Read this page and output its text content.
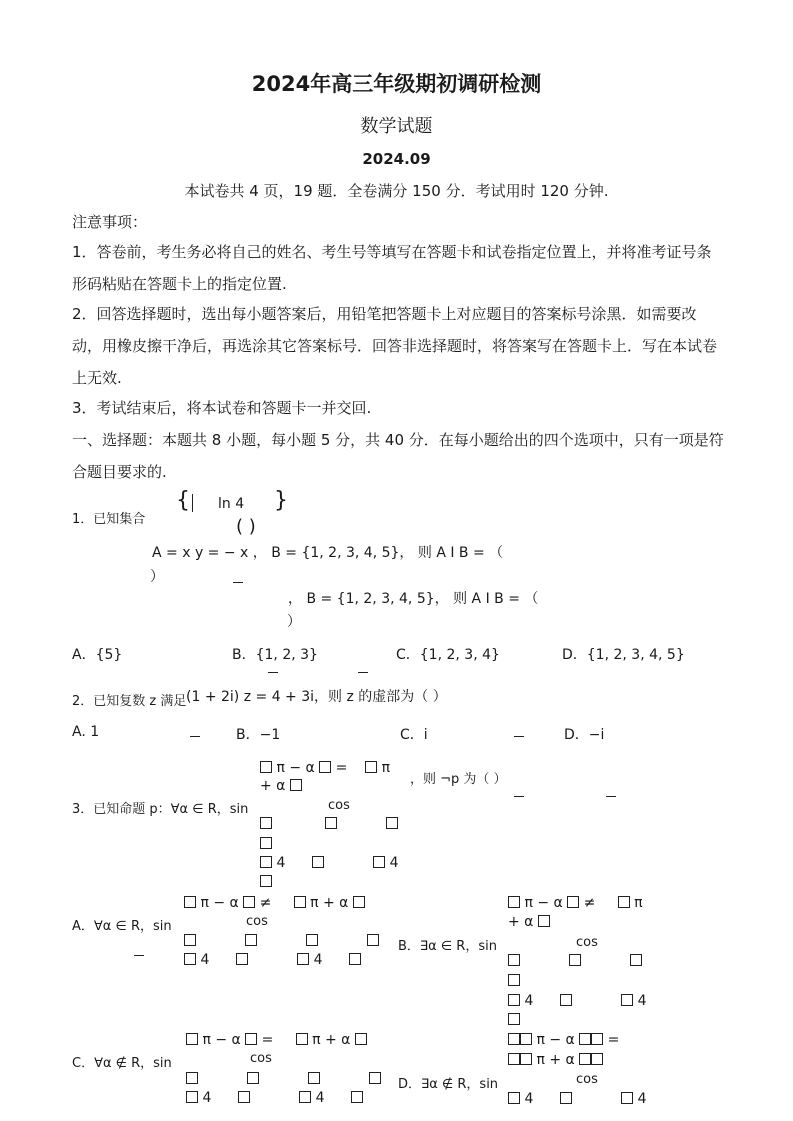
2024年高三年级期初调研检测
数学试题
2024.09
本试卷共 4 页，19 题．全卷满分 150 分．考试用时 120 分钟.
注意事项：
1．答卷前，考生务必将自己的姓名、考生号等填写在答题卡和试卷指定位置上，并将准考证号条形码粘贴在答题卡上的指定位置.
2．回答选择题时，选出每小题答案后，用铅笔把答题卡上对应题目的答案标号涂黑．如需要改动，用橡皮擦干净后，再选涂其它答案标号．回答非选择题时，将答案写在答题卡上．写在本试卷上无效.
3．考试结束后，将本试卷和答题卡一并交回.
一、选择题：本题共 8 小题，每小题 5 分，共 40 分．在每小题给出的四个选项中，只有一项是符合题目要求的.
1．已知集合
{ ln 4 }
( )
A = x y = − x ， B = {1, 2, 3, 4, 5}， 则 A I B = （
）
， B = {1, 2, 3, 4, 5}， 则 A I B = （
）
A．{5}	B．{1, 2, 3}	C．{1, 2, 3, 4}	D．{1, 2, 3, 4, 5}
2．已知复数 z 满足 (1 + 2i) z = 4 + 3i，则 z 的虚部为（ ）
A. 1	B．−1	C．i	D．−i
π − α = π
+ α	，则 ¬p 为（ ）
3．已知命题 p：∀α ∈ R，sin	cos

4	4
π − α ≠	π + α
A．∀α ∈ R，sin	cos

4	4
π − α ≠	π
+ α
B．∃α ∈ R，sin	cos

4	4
π − α =	π + α
C．∀α ∉ R，sin	cos

4	4
π − α =
π + α
D．∃α ∉ R，sin	cos
4	4
